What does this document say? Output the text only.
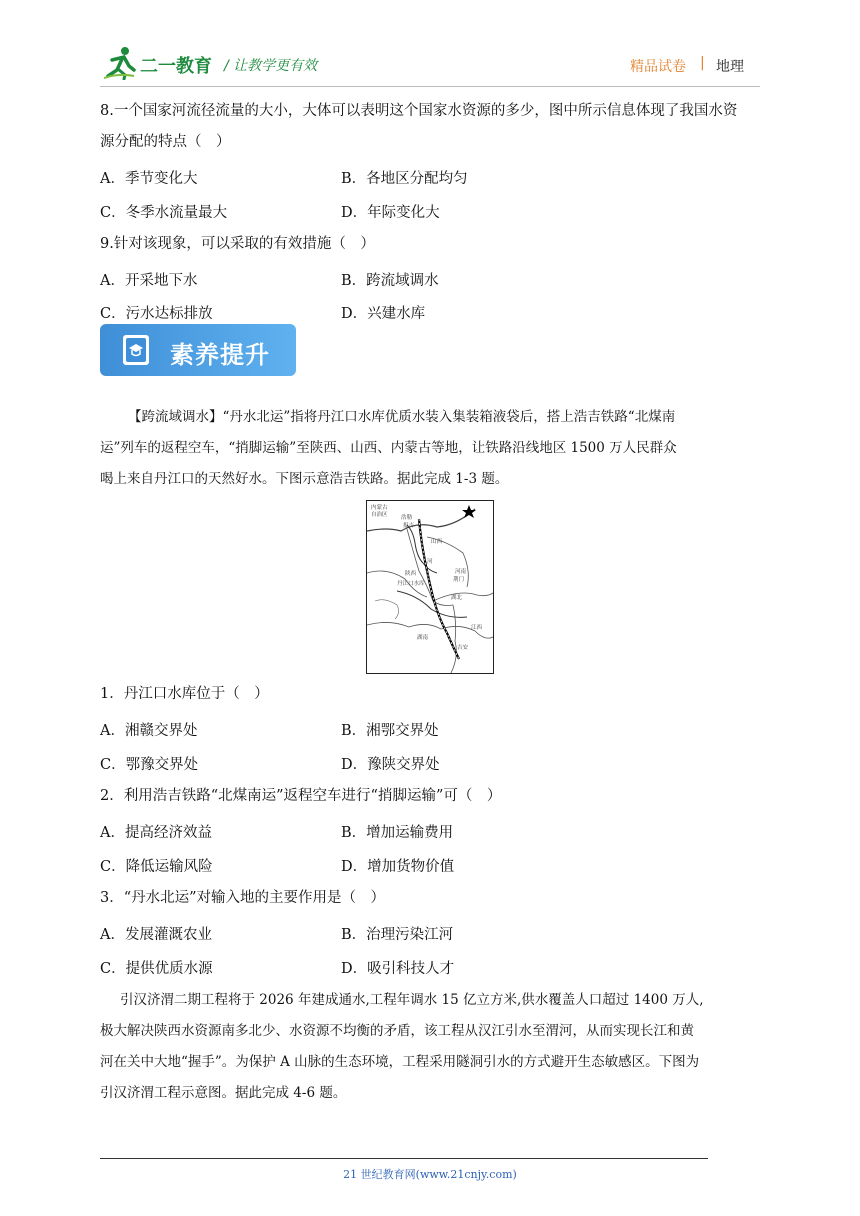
二一教育 / 让教学更有效	精品试卷 | 地理
8.一个国家河流径流量的大小，大体可以表明这个国家水资源的多少，图中所示信息体现了我国水资
源分配的特点（　）
A．季节变化大	B．各地区分配均匀
C．冬季水流量最大	D．年际变化大
9.针对该现象，可以采取的有效措施（　）
A．开采地下水	B．跨流域调水
C．污水达标排放	D．兴建水库
素养提升
【跨流域调水】“丹水北运”指将丹江口水库优质水装入集装箱液袋后，搭上浩吉铁路“北煤南
运”列车的返程空车，“捎脚运输”至陕西、山西、内蒙古等地，让铁路沿线地区 1500 万人民群众
喝上来自丹江口的天然好水。下图示意浩吉铁路。据此完成 1-3 题。
内蒙古
自治区 浩勒
报吉
山西
河
陕西	河南
荆门
丹江口水库
湖北
江西
湖南
吉安
1．丹江口水库位于（　）
A．湘赣交界处	B．湘鄂交界处
C．鄂豫交界处	D．豫陕交界处
2．利用浩吉铁路“北煤南运”返程空车进行“捎脚运输”可（　）
A．提高经济效益	B．增加运输费用
C．降低运输风险	D．增加货物价值
3．“丹水北运”对输入地的主要作用是（　）
A．发展灌溉农业	B．治理污染江河
C．提供优质水源	D．吸引科技人才
引汉济渭二期工程将于 2026 年建成通水,工程年调水 15 亿立方米,供水覆盖人口超过 1400 万人,
极大解决陕西水资源南多北少、水资源不均衡的矛盾，该工程从汉江引水至渭河，从而实现长江和黄
河在关中大地“握手”。为保护 A 山脉的生态环境，工程采用隧洞引水的方式避开生态敏感区。下图为
引汉济渭工程示意图。据此完成 4-6 题。
21 世纪教育网(www.21cnjy.com)
